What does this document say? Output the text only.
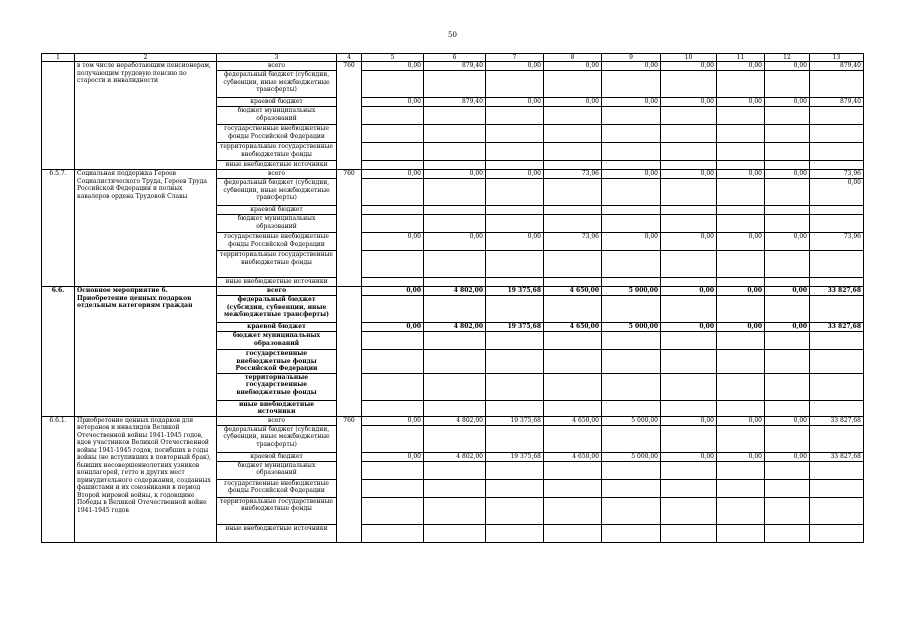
50
1	2	3	4	5	6	7	8	9	10	11	12	13
	в том числе неработающим пенсионерам, получающим трудовую пенсию по старости и инвалидности	всего	760	0,00	879,40	0,00	0,00	0,00	0,00	0,00	0,00	879,40
		федеральный бюджет (субсидии, субвенции, иные межбюджетные трансферты)										
		краевой бюджет		0,00	879,40	0,00	0,00	0,00	0,00	0,00	0,00	879,40
		бюджет муниципальных образований										
		государственные внебюджетные фонды Российской Федерации										
		территориальные государственные внебюджетные фонды										
		иные внебюджетные источники										
6.5.7.	Социальная поддержка Героев Социалистического Труда, Героев Труда Российской Федерации и полных кавалеров ордена Трудовой Славы	всего	760	0,00	0,00	0,00	73,96	0,00	0,00	0,00	0,00	73,96
		федеральный бюджет (субсидии, субвенции, иные межбюджетные трансферты)										0,00
		краевой бюджет										
		бюджет муниципальных образований										
		государственные внебюджетные фонды Российской Федерации		0,00	0,00	0,00	73,96	0,00	0,00	0,00	0,00	73,96
		территориальные государственные внебюджетные фонды										
		иные внебюджетные источники										
6.6.	Основное мероприятие 6. Приобретение ценных подарков отдельным категориям граждан	всего		0,00	4 802,00	19 375,68	4 650,00	5 000,00	0,00	0,00	0,00	33 827,68
		федеральный бюджет (субсидии, субвенции, иные межбюджетные трансферты)										
		краевой бюджет		0,00	4 802,00	19 375,68	4 650,00	5 000,00	0,00	0,00	0,00	33 827,68
		бюджет муниципальных образований										
		государственные внебюджетные фонды Российской Федерации										
		территориальные государственные внебюджетные фонды										
		иные внебюджетные источники										
6.6.1.	Приобретение ценных подарков для ветеранов и инвалидов Великой Отечественной войны 1941-1945 годов, вдов участников Великой Отечественной войны 1941-1945 годов, погибших в годы войны (не вступивших в повторный брак), бывших несовершеннолетних узников концлагерей, гетто и других мест принудительного содержания, созданных фашистами и их союзниками в период Второй мировой войны, к годовщине Победы в Великой Отечественной войне 1941-1945 годов	всего	760	0,00	4 802,00	19 375,68	4 650,00	5 000,00	0,00	0,00	0,00	33 827,68
		федеральный бюджет (субсидии, субвенции, иные межбюджетные трансферты)										
		краевой бюджет		0,00	4 802,00	19 375,68	4 650,00	5 000,00	0,00	0,00	0,00	33 827,68
		бюджет муниципальных образований										
		государственные внебюджетные фонды Российской Федерации										
		территориальные государственные внебюджетные фонды										
		иные внебюджетные источники										
